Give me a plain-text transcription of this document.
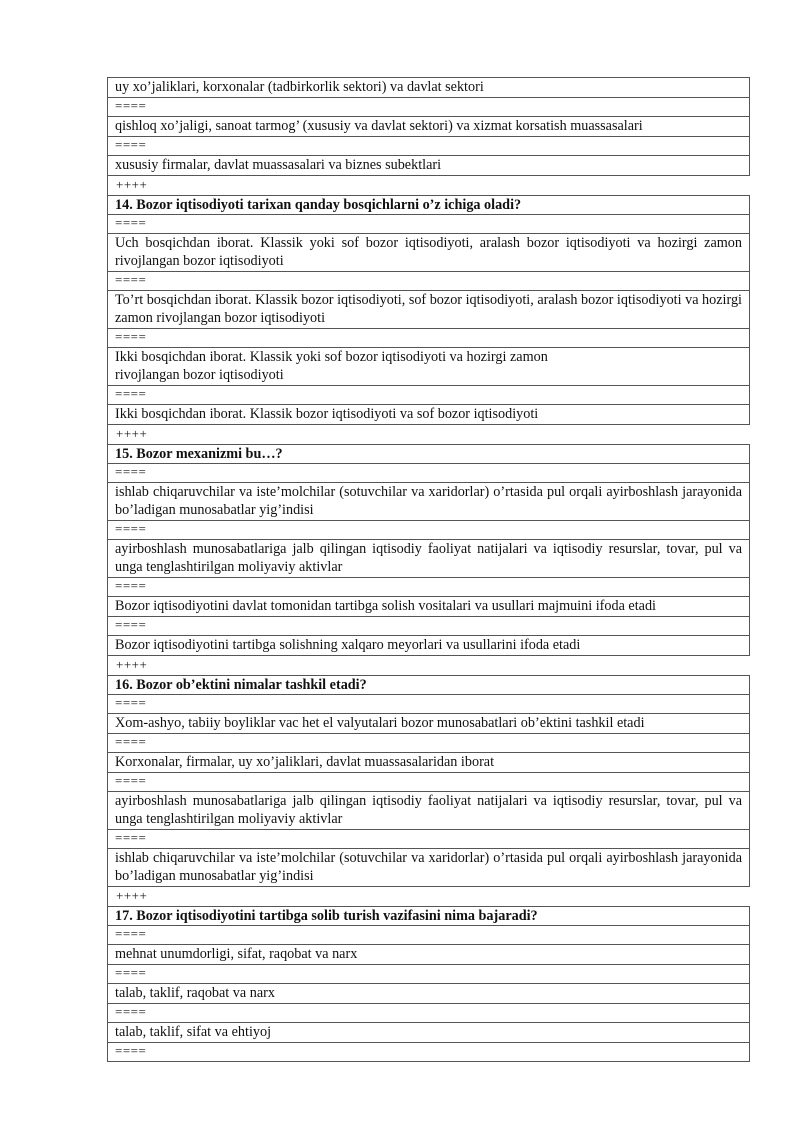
uy xo’jaliklari, korxonalar (tadbirkorlik sektori) va davlat sektori
====
qishloq xo’jaligi, sanoat tarmog’ (xususiy va davlat sektori) va xizmat korsatish muassasalari
====
xususiy firmalar, davlat muassasalari va biznes subektlari
++++
14. Bozor iqtisodiyoti tarixan qanday bosqichlarni o’z ichiga oladi?
====
Uch bosqichdan iborat. Klassik yoki sof bozor iqtisodiyoti, aralash bozor iqtisodiyoti va hozirgi zamon rivojlangan bozor iqtisodiyoti
====
To’rt bosqichdan iborat. Klassik bozor iqtisodiyoti, sof bozor iqtisodiyoti, aralash bozor iqtisodiyoti va hozirgi zamon rivojlangan bozor iqtisodiyoti
====
Ikki bosqichdan iborat. Klassik yoki sof bozor iqtisodiyoti va hozirgi zamon
rivojlangan bozor iqtisodiyoti
====
Ikki bosqichdan iborat. Klassik bozor iqtisodiyoti va sof bozor iqtisodiyoti
++++
15. Bozor mexanizmi bu…?
====
ishlab chiqaruvchilar va iste’molchilar (sotuvchilar va xaridorlar) o’rtasida pul orqali ayirboshlash jarayonida bo’ladigan munosabatlar yig’indisi
====
ayirboshlash munosabatlariga jalb qilingan iqtisodiy faoliyat natijalari va iqtisodiy resurslar, tovar, pul va unga tenglashtirilgan moliyaviy aktivlar
====
Bozor iqtisodiyotini davlat tomonidan tartibga solish vositalari va usullari majmuini ifoda etadi
====
Bozor iqtisodiyotini tartibga solishning xalqaro meyorlari va usullarini ifoda etadi
++++
16. Bozor ob’ektini nimalar tashkil etadi?
====
Xom-ashyo, tabiiy boyliklar vac het el valyutalari bozor munosabatlari ob’ektini tashkil etadi
====
Korxonalar, firmalar, uy xo’jaliklari, davlat muassasalaridan iborat
====
ayirboshlash munosabatlariga jalb qilingan iqtisodiy faoliyat natijalari va iqtisodiy resurslar, tovar, pul va unga tenglashtirilgan moliyaviy aktivlar
====
ishlab chiqaruvchilar va iste’molchilar (sotuvchilar va xaridorlar) o’rtasida pul orqali ayirboshlash jarayonida bo’ladigan munosabatlar yig’indisi
++++
17. Bozor iqtisodiyotini tartibga solib turish vazifasini nima bajaradi?
====
mehnat unumdorligi, sifat, raqobat va narx
====
talab, taklif, raqobat va narx
====
talab, taklif, sifat va ehtiyoj
====
